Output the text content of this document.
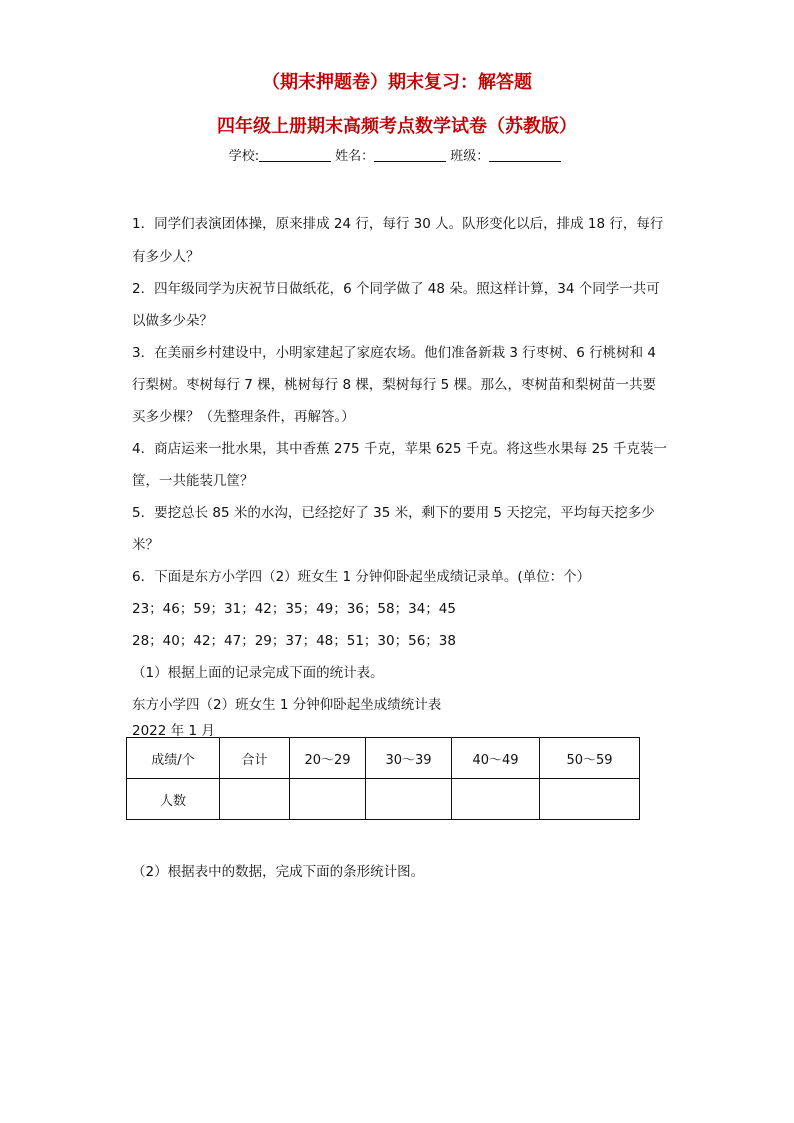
（期末押题卷）期末复习：解答题
四年级上册期末高频考点数学试卷（苏教版）
学校:	姓名：	班级：
1．同学们表演团体操，原来排成 24 行，每行 30 人。队形变化以后，排成 18 行，每行
有多少人？
2．四年级同学为庆祝节日做纸花，6 个同学做了 48 朵。照这样计算，34 个同学一共可
以做多少朵？
3．在美丽乡村建设中，小明家建起了家庭农场。他们准备新栽 3 行枣树、6 行桃树和 4
行梨树。枣树每行 7 棵，桃树每行 8 棵，梨树每行 5 棵。那么，枣树苗和梨树苗一共要
买多少棵？（先整理条件，再解答。）
4．商店运来一批水果，其中香蕉 275 千克，苹果 625 千克。将这些水果每 25 千克装一
筐，一共能装几筐？
5．要挖总长 85 米的水沟，已经挖好了 35 米，剩下的要用 5 天挖完，平均每天挖多少
米？
6．下面是东方小学四（2）班女生 1 分钟仰卧起坐成绩记录单。(单位：个）
23；46；59；31；42；35；49；36；58；34；45
28；40；42；47；29；37；48；51；30；56；38
（1）根据上面的记录完成下面的统计表。
东方小学四（2）班女生 1 分钟仰卧起坐成绩统计表
2022 年 1 月
成绩/个	合计	20～29	30～39	40～49	50～59
人数					
（2）根据表中的数据，完成下面的条形统计图。
